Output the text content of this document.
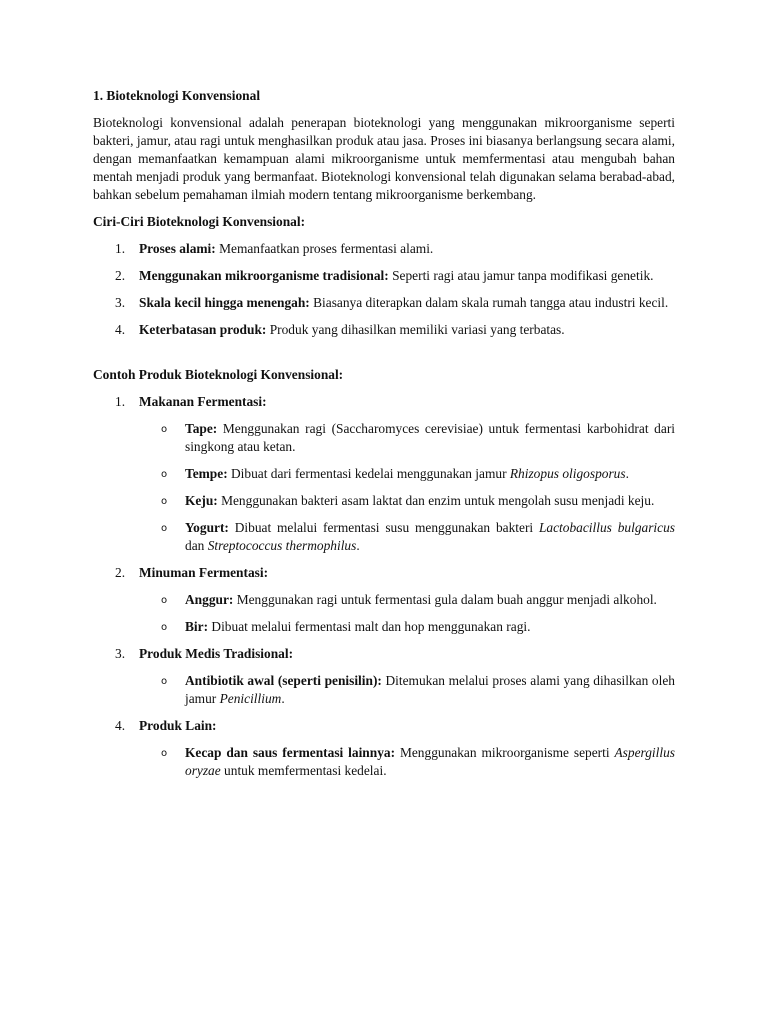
1. Bioteknologi Konvensional

Bioteknologi konvensional adalah penerapan bioteknologi yang menggunakan mikroorganisme seperti bakteri, jamur, atau ragi untuk menghasilkan produk atau jasa. Proses ini biasanya berlangsung secara alami, dengan memanfaatkan kemampuan alami mikroorganisme untuk memfermentasi atau mengubah bahan mentah menjadi produk yang bermanfaat. Bioteknologi konvensional telah digunakan selama berabad-abad, bahkan sebelum pemahaman ilmiah modern tentang mikroorganisme berkembang.

Ciri-Ciri Bioteknologi Konvensional:

1. Proses alami: Memanfaatkan proses fermentasi alami.
2. Menggunakan mikroorganisme tradisional: Seperti ragi atau jamur tanpa modifikasi genetik.
3. Skala kecil hingga menengah: Biasanya diterapkan dalam skala rumah tangga atau industri kecil.
4. Keterbatasan produk: Produk yang dihasilkan memiliki variasi yang terbatas.

Contoh Produk Bioteknologi Konvensional:

1. Makanan Fermentasi:
o Tape: Menggunakan ragi (Saccharomyces cerevisiae) untuk fermentasi karbohidrat dari singkong atau ketan.
o Tempe: Dibuat dari fermentasi kedelai menggunakan jamur Rhizopus oligosporus.
o Keju: Menggunakan bakteri asam laktat dan enzim untuk mengolah susu menjadi keju.
o Yogurt: Dibuat melalui fermentasi susu menggunakan bakteri Lactobacillus bulgaricus dan Streptococcus thermophilus.
2. Minuman Fermentasi:
o Anggur: Menggunakan ragi untuk fermentasi gula dalam buah anggur menjadi alkohol.
o Bir: Dibuat melalui fermentasi malt dan hop menggunakan ragi.
3. Produk Medis Tradisional:
o Antibiotik awal (seperti penisilin): Ditemukan melalui proses alami yang dihasilkan oleh jamur Penicillium.
4. Produk Lain:
o Kecap dan saus fermentasi lainnya: Menggunakan mikroorganisme seperti Aspergillus oryzae untuk memfermentasi kedelai.
